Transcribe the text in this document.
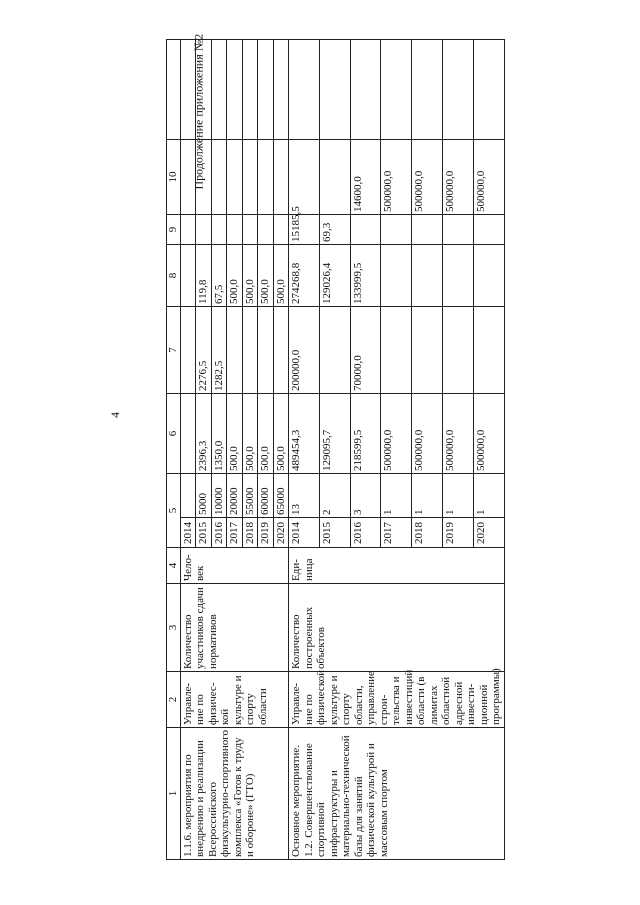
4
Продолжение приложения №2
1	2	3	4	5		6	7	8	9	10	
1.1.6. мероприятия по внедрению и реализации Всероссийского физкультурно-спортивного комплекса «Готов к труду и обороне» (ГТО)	Управле-ние по физичес-кой культуре и спорту области	Количество участников сдачи нормативов	Чело-век	2014							
				2015	5000	2396,3	2276,5	119,8			
				2016	10000	1350,0	1282,5	67,5			
				2017	20000	500,0		500,0			
				2018	55000	500,0		500,0			
				2019	60000	500,0		500,0			
				2020	65000	500,0		500,0			
Основное мероприятие. 1.2. Совершенствование спортивной инфраструктуры и материально-технической базы для занятий физической культурой и массовым спортом	Управле-ние по физической культуре и спорту области, управление строи-тельства и инвестиций области (в лимитах областной адресной инвести-ционной программы)	Количество построенных объектов	Еди-ница	2014	13	489454,3	200000,0	274268,8	15185,5		
				2015	2	129095,7		129026,4	69,3		
				2016	3	218599,5	70000,0	133999,5		14600,0	
				2017	1	500000,0				500000,0	
				2018	1	500000,0				500000,0	
				2019	1	500000,0				500000,0	
				2020	1	500000,0				500000,0	
